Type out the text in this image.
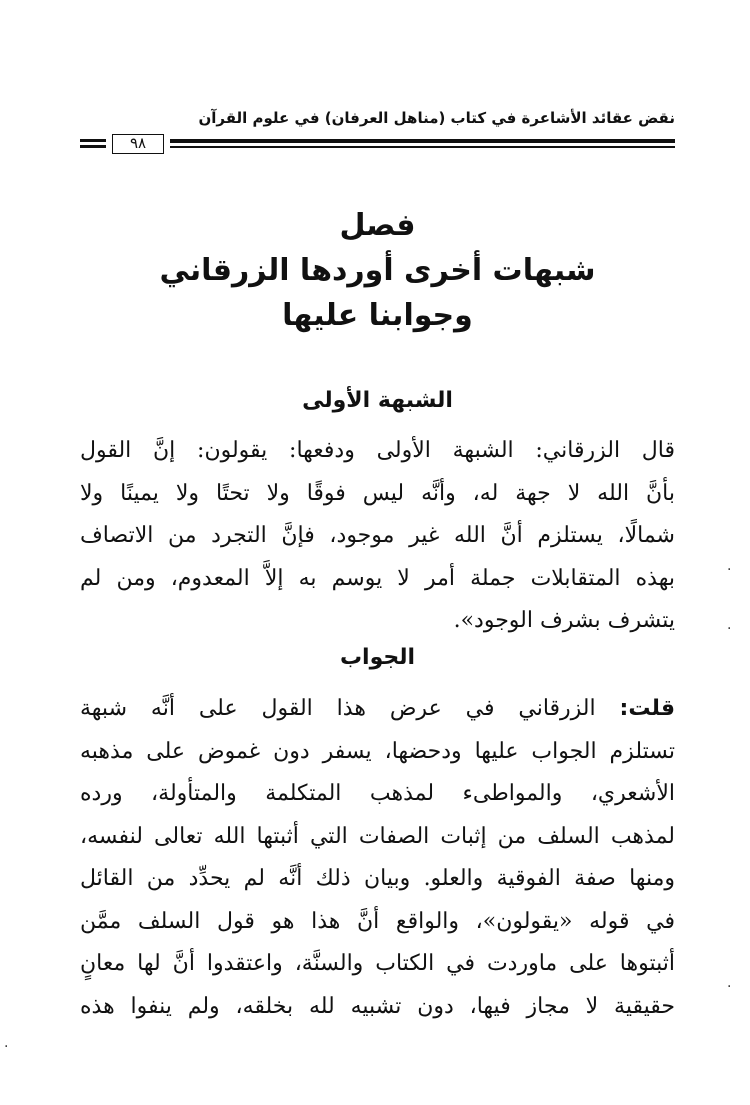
نقض عقائد الأشاعرة في كتاب (مناهل العرفان) في علوم القرآن
٩٨
فصل
شبهات أخرى أوردها الزرقاني
وجوابنا عليها
الشبهة الأولى
قال الزرقاني: الشبهة الأولى ودفعها: يقولون: إنَّ القول
بأنَّ الله لا جهة له، وأنَّه ليس فوقًا ولا تحتًا ولا يمينًا ولا
شمالًا، يستلزم أنَّ الله غير موجود، فإنَّ التجرد من الاتصاف
بهذه المتقابلات جملة أمر لا يوسم به إلاَّ المعدوم، ومن لم
يتشرف بشرف الوجود».
الجواب
قلت: الزرقاني في عرض هذا القول على أنَّه شبهة
تستلزم الجواب عليها ودحضها، يسفر دون غموض على مذهبه
الأشعري، والمواطىء لمذهب المتكلمة والمتأولة، ورده
لمذهب السلف من إثبات الصفات التي أثبتها الله تعالى لنفسه،
ومنها صفة الفوقية والعلو. وبيان ذلك أنَّه لم يحدِّد من القائل
في قوله «يقولون»، والواقع أنَّ هذا هو قول السلف ممَّن
أثبتوها على ماوردت في الكتاب والسنَّة، واعتقدوا أنَّ لها معانٍ
حقيقية لا مجاز فيها، دون تشبيه لله بخلقه، ولم ينفوا هذه
·
·
·
·
